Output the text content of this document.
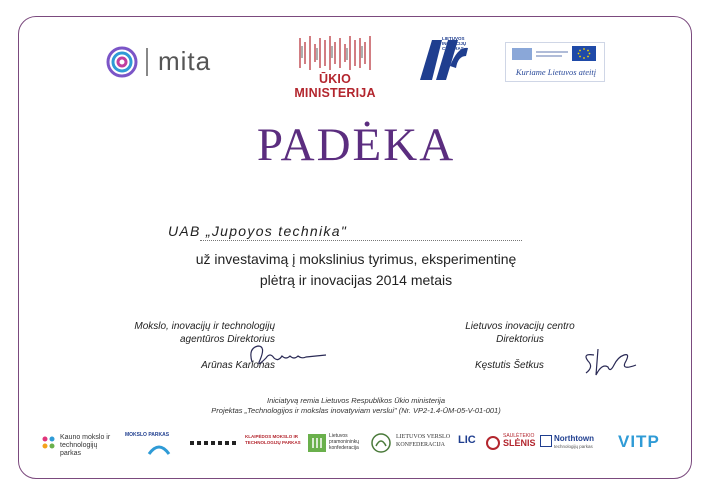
mita
ŪKIO MINISTERIJA
LIETUVOS INOVACIJŲ CENTRAS
Kuriame Lietuvos ateitį
PADĖKA
UAB „Jupoyos technika"
už investavimą į mokslinius tyrimus, eksperimentinę
plėtrą ir inovacijas 2014 metais
Mokslo, inovacijų ir technologijų
agentūros Direktorius
Arūnas Karlonas
Lietuvos inovacijų centro
Direktorius
Kęstutis Šetkus
Iniciatyvą remia Lietuvos Respublikos Ūkio ministerija
Projektas „Technologijos ir mokslas inovatyviam verslui" (Nr. VP2-1.4-ŪM-05-V-01-001)
Kauno mokslo ir
technologijų parkas
MOKSLO PARKAS	KLAIPĖDOS MOKSLO IR TECHNOLOGIJŲ PARKAS
Lietuvos
pramonininkų
konfederacija
LIETUVOS VERSLO
KONFEDERACIJA	LIC	SAULĖTEKIO
SLĖNIS Northtown
technologijų parkas VITP
